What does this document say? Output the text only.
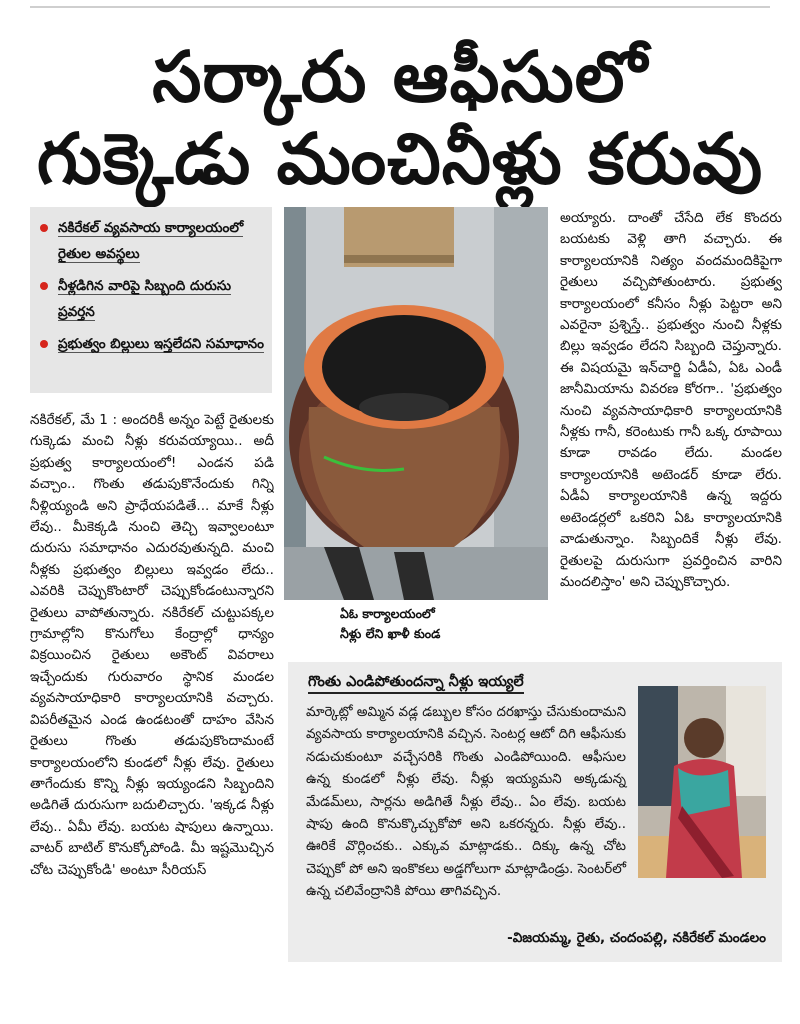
సర్కారు ఆఫీసులో
గుక్కెడు మంచినీళ్లు కరువు
నకిరేకల్ వ్యవసాయ కార్యాలయంలో రైతుల అవస్థలు
నీళ్లడిగిన వారిపై సిబ్బంది దురుసు ప్రవర్తన
ప్రభుత్వం బిల్లులు ఇస్తలేదని సమాధానం

నకిరేకల్, మే 1 : అందరికీ అన్నం పెట్టే రైతులకు గుక్కెడు మంచి నీళ్లు కరువయ్యాయి.. అదీ ప్రభుత్వ కార్యాలయంలో! ఎండన పడి వచ్చాం.. గొంతు తడుపుకొనేందుకు గిన్ని నీళ్లియ్యండి అని ప్రాధేయపడితే... మాకే నీళ్లు లేవు.. మీకెక్కడి నుంచి తెచ్చి ఇవ్వాలంటూ దురుసు సమాధానం ఎదురవుతున్నది. మంచి నీళ్లకు ప్రభుత్వం బిల్లులు ఇవ్వడం లేదు.. ఎవరికి చెప్పుకొంటారో చెప్పుకోండంటున్నారని రైతులు వాపోతున్నారు. నకిరేకల్ చుట్టుపక్కల గ్రామాల్లోని కొనుగోలు కేంద్రాల్లో ధాన్యం విక్రయించిన రైతులు అకౌంట్ వివరాలు ఇచ్చేందుకు గురువారం స్థానిక మండల వ్యవసాయాధికారి కార్యాలయానికి వచ్చారు. విపరీతమైన ఎండ ఉండటంతో దాహం వేసిన రైతులు గొంతు తడుపుకొందామంటే కార్యాలయంలోని కుండలో నీళ్లు లేవు. రైతులు తాగేందుకు కొన్ని నీళ్లు ఇయ్యండని సిబ్బందిని అడిగితే దురుసుగా బదులిచ్చారు. 'ఇక్కడ నీళ్లు లేవు.. ఏమీ లేవు. బయట షాపులు ఉన్నాయి. వాటర్ బాటిల్ కొనుక్కోపోండి. మీ ఇష్టమొచ్చిన చోట చెప్పుకోండి' అంటూ సీరియస్

ఏఓ కార్యాలయంలో
నీళ్లు లేని ఖాళీ కుండ

అయ్యారు. దాంతో చేసేది లేక కొందరు బయటకు వెళ్లి తాగి వచ్చారు. ఈ కార్యాలయానికి నిత్యం వందమందికిపైగా రైతులు వచ్చిపోతుంటారు. ప్రభుత్వ కార్యాలయంలో కనీసం నీళ్లు పెట్టరా అని ఎవరైనా ప్రశ్నిస్తే.. ప్రభుత్వం నుంచి నీళ్లకు బిల్లు ఇవ్వడం లేదని సిబ్బంది చెప్తున్నారు. ఈ విషయమై ఇన్‌చార్జి ఏడీఏ, ఏఓ ఎండీ జానీమియాను వివరణ కోరగా.. 'ప్రభుత్వం నుంచి వ్యవసాయాధికారి కార్యాలయానికి నీళ్లకు గానీ, కరెంటుకు గానీ ఒక్క రూపాయి కూడా రావడం లేదు. మండల కార్యాలయానికి అటెండర్ కూడా లేరు. ఏడీఏ కార్యాలయానికి ఉన్న ఇద్దరు అటెండర్లలో ఒకరిని ఏఓ కార్యాలయానికి వాడుతున్నాం. సిబ్బందికే నీళ్లు లేవు. రైతులపై దురుసుగా ప్రవర్తించిన వారిని మందలిస్తాం' అని చెప్పుకొచ్చారు.

గొంతు ఎండిపోతుందన్నా నీళ్లు ఇయ్యలే

మార్కెట్లో అమ్మిన వడ్ల డబ్బుల కోసం దరఖాస్తు చేసుకుందామని వ్యవసాయ కార్యాలయానికి వచ్చిన. సెంటర్ల ఆటో దిగి ఆఫీసుకు నడుచుకుంటూ వచ్చేసరికి గొంతు ఎండిపోయింది. ఆఫీసుల ఉన్న కుండలో నీళ్లు లేవు. నీళ్లు ఇయ్యమని అక్కడున్న మేడమ్‌లు, సార్లను అడిగితే నీళ్లు లేవు.. ఏం లేవు. బయట షాపు ఉంది కొనుక్కొచ్చుకోపో అని ఒకరన్నరు. నీళ్లు లేవు.. ఊరికే వొర్లించకు.. ఎక్కువ మాట్లాడకు.. దిక్కు ఉన్న చోట చెప్పుకో పో అని ఇంకొకలు అడ్డగోలుగా మాట్లాడిండ్రు. సెంటర్‌లో ఉన్న చలివేంద్రానికి పోయి తాగివచ్చిన.

-విజయమ్మ, రైతు, చందంపల్లి, నకిరేకల్ మండలం
